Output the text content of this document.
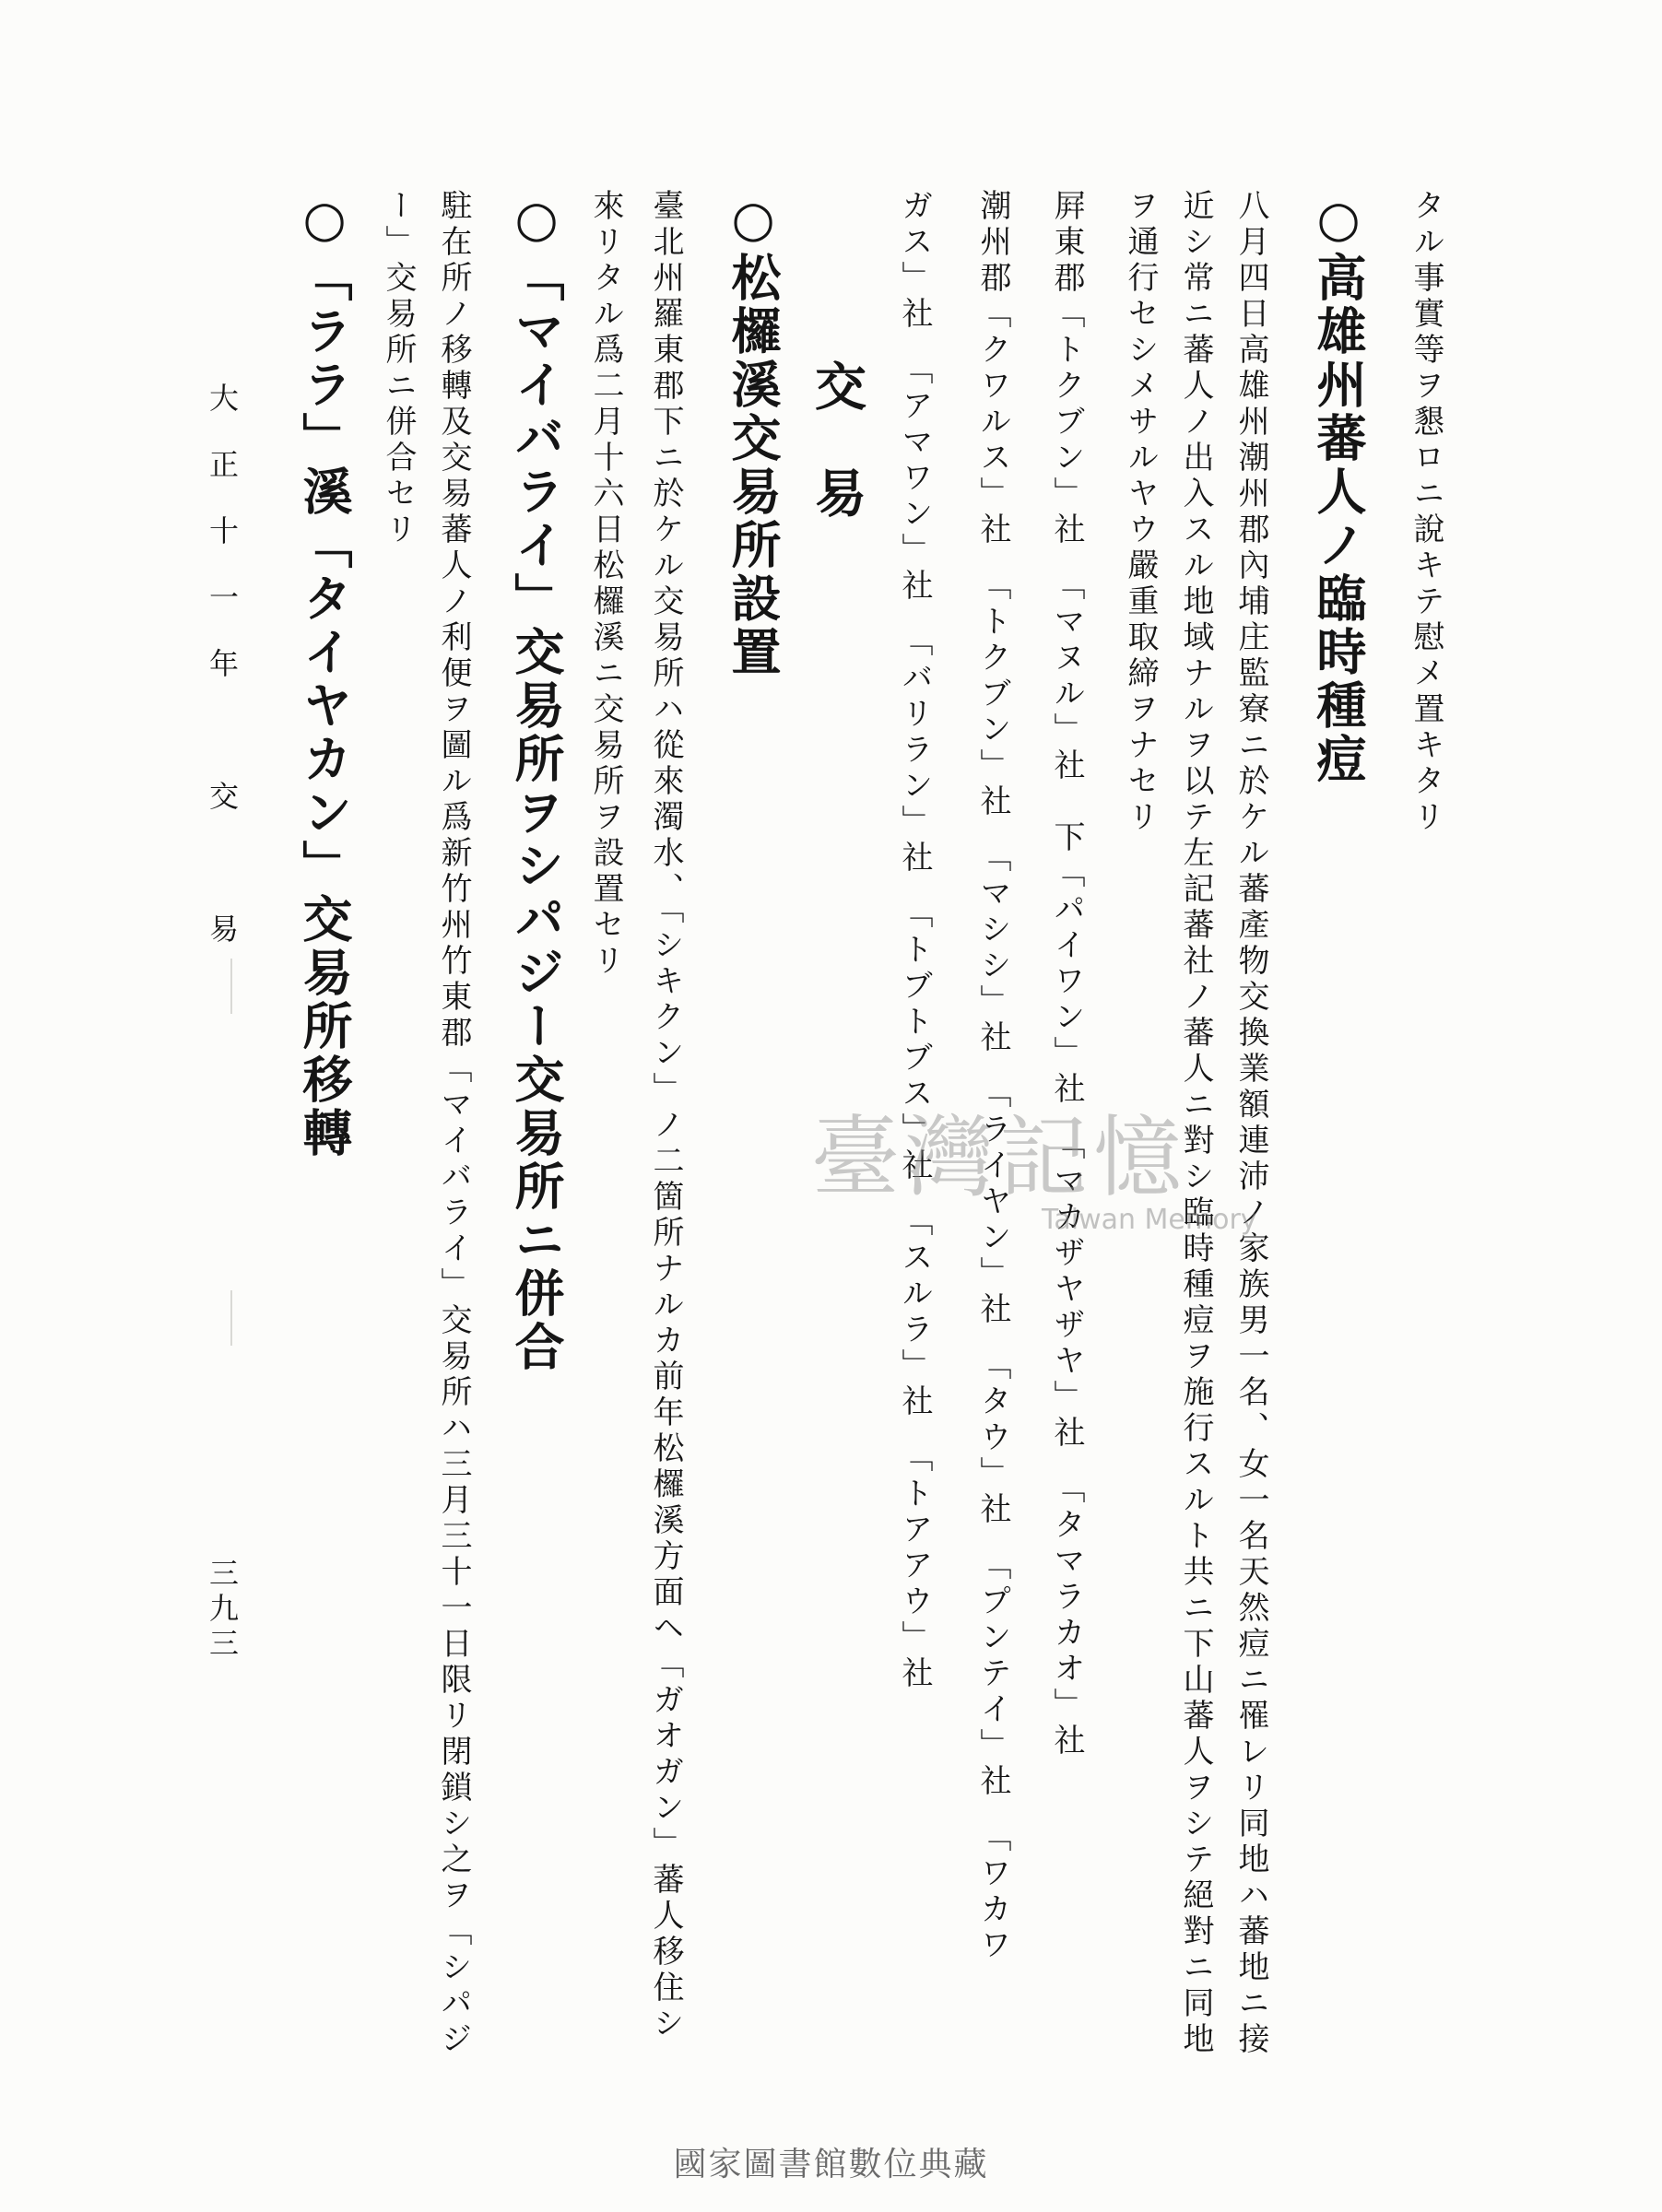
タル事實等ヲ懇ロニ說キテ慰メ置キタリ
○高雄州蕃人ノ臨時種痘
八月四日高雄州潮州郡內埔庄監寮ニ於ケル蕃產物交換業額連沛ノ家族男一名、女一名天然痘ニ罹レリ同地ハ蕃地ニ接
近シ常ニ蕃人ノ出入スル地域ナルヲ以テ左記蕃社ノ蕃人ニ對シ臨時種痘ヲ施行スルト共ニ下山蕃人ヲシテ絕對ニ同地
ヲ通行セシメサルヤウ嚴重取締ヲナセリ
屛東郡「トクブン」社　「マヌル」社　下「パイワン」社　「マカザヤザヤ」社　「タマラカオ」社
潮州郡「クワルス」社　「トクブン」社　「マシシ」社　「ライヤン」社　「タウ」社　「プンテイ」社　「ワカワ
ガス」社　「アマワン」社　「バリラン」社　「トブトブス」社　「スルラ」社　「トアアウ」社
交易
○松欏溪交易所設置
臺北州羅東郡下ニ於ケル交易所ハ從來濁水、「シキクン」ノ二箇所ナルカ前年松欏溪方面ヘ「ガオガン」蕃人移住シ
來リタル爲二月十六日松欏溪ニ交易所ヲ設置セリ
○「マイバライ」交易所ヲシパジー交易所ニ併合
駐在所ノ移轉及交易蕃人ノ利便ヲ圖ル爲新竹州竹東郡「マイバライ」交易所ハ三月三十一日限リ閉鎖シ之ヲ「シパジ
ー」交易所ニ併合セリ
○「ララ」溪「タイヤカン」交易所移轉
大正十一年　交　易
三九三
臺灣記憶
Taiwan Memory
國家圖書館數位典藏
